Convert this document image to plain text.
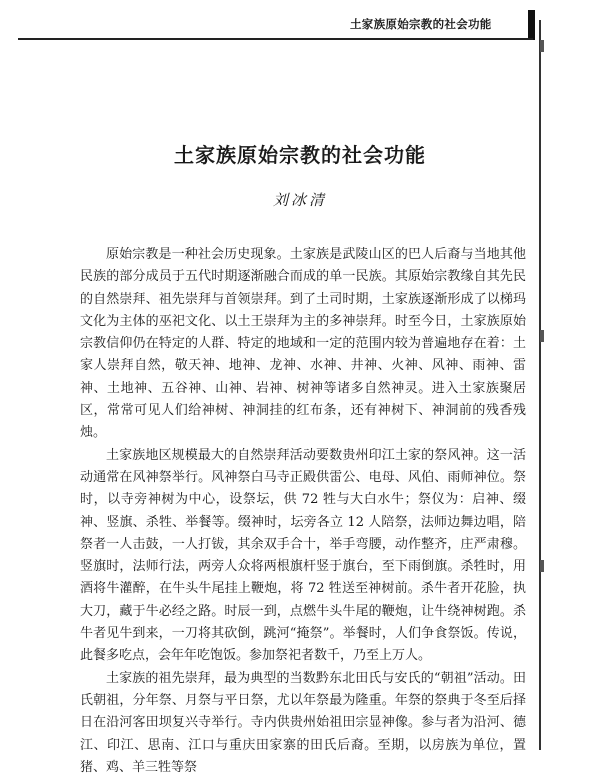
土家族原始宗教的社会功能
土家族原始宗教的社会功能
刘冰清

原始宗教是一种社会历史现象。土家族是武陵山区的巴人后裔与当地其他民族的部分成员于五代时期逐渐融合而成的单一民族。其原始宗教缘自其先民的自然崇拜、祖先崇拜与首领崇拜。到了土司时期，土家族逐渐形成了以梯玛文化为主体的巫祀文化、以土王崇拜为主的多神崇拜。时至今日，土家族原始宗教信仰仍在特定的人群、特定的地域和一定的范围内较为普遍地存在着：土家人崇拜自然，敬天神、地神、龙神、水神、井神、火神、风神、雨神、雷神、土地神、五谷神、山神、岩神、树神等诸多自然神灵。进入土家族聚居区，常常可见人们给神树、神洞挂的红布条，还有神树下、神洞前的残香残烛。

土家族地区规模最大的自然崇拜活动要数贵州印江土家的祭风神。这一活动通常在风神祭举行。风神祭白马寺正殿供雷公、电母、风伯、雨师神位。祭时，以寺旁神树为中心，设祭坛，供 72 牲与大白水牛；祭仪为：启神、缀神、竖旗、杀牲、举餐等。缀神时，坛旁各立 12 人陪祭，法师边舞边唱，陪祭者一人击鼓，一人打钹，其余双手合十，举手弯腰，动作整齐，庄严肃穆。竖旗时，法师行法，两旁人众将两根旗杆竖于旗台，至下雨倒旗。杀牲时，用酒将牛灌醉，在牛头牛尾挂上鞭炮，将 72 牲送至神树前。杀牛者开花脸，执大刀，藏于牛必经之路。时辰一到，点燃牛头牛尾的鞭炮，让牛绕神树跑。杀牛者见牛到来，一刀将其砍倒，跳河“掩祭”。举餐时，人们争食祭饭。传说，此餐多吃点，会年年吃饱饭。参加祭祀者数千，乃至上万人。

土家族的祖先崇拜，最为典型的当数黔东北田氏与安氏的“朝祖”活动。田氏朝祖，分年祭、月祭与平日祭，尤以年祭最为隆重。年祭的祭典于冬至后择日在沿河客田坝复兴寺举行。寺内供贵州始祖田宗显神像。参与者为沿河、德江、印江、思南、江口与重庆田家寨的田氏后裔。至期，以房族为单位，置猪、鸡、羊三牲等祭
